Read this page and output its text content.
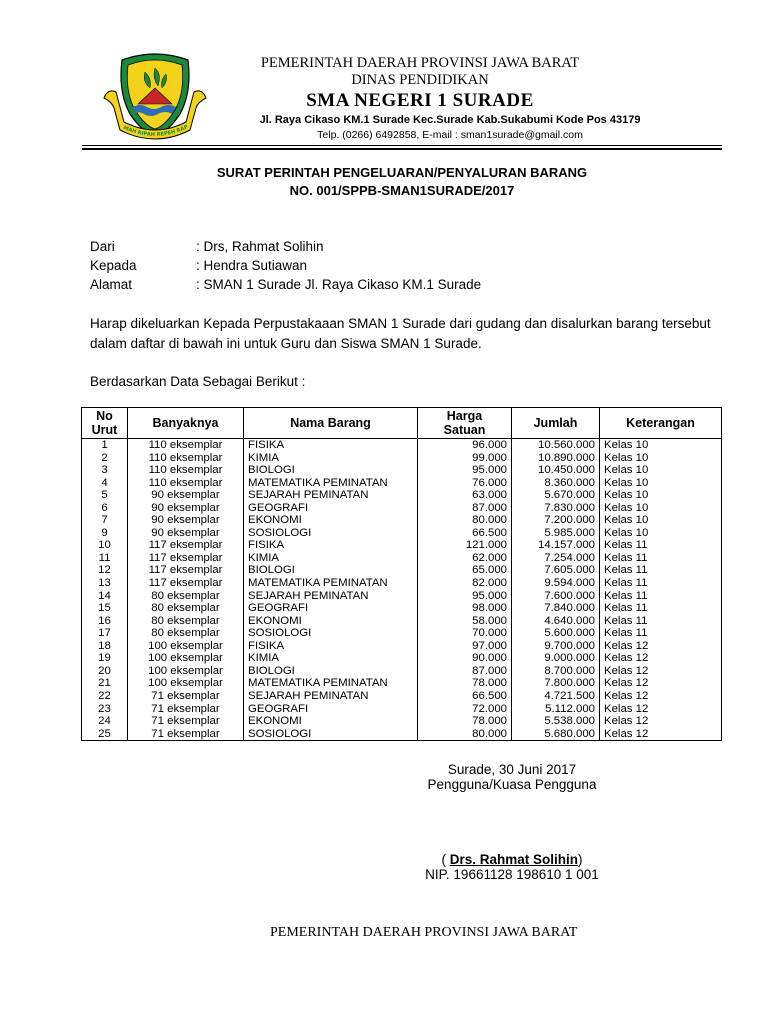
MAH RIPAH REPEH RAP
PEMERINTAH DAERAH PROVINSI JAWA BARAT
DINAS PENDIDIKAN
SMA NEGERI 1 SURADE
Jl. Raya Cikaso KM.1 Surade Kec.Surade Kab.Sukabumi Kode Pos 43179
Telp. (0266) 6492858, E-mail : sman1surade@gmail.com
SURAT PERINTAH PENGELUARAN/PENYALURAN BARANG
NO. 001/SPPB-SMAN1SURADE/2017
Dari	: Drs, Rahmat Solihin
Kepada	: Hendra Sutiawan
Alamat	: SMAN 1 Surade Jl. Raya Cikaso KM.1 Surade
Harap dikeluarkan Kepada Perpustakaaan SMAN 1 Surade dari gudang dan disalurkan barang tersebut dalam daftar di bawah ini untuk Guru dan Siswa SMAN 1 Surade.
Berdasarkan Data Sebagai Berikut :
No Urut	Banyaknya	Nama Barang	Harga Satuan	Jumlah	Keterangan
1	110 eksemplar	FISIKA	96.000	10.560.000	Kelas 10
2	110 eksemplar	KIMIA	99.000	10.890.000	Kelas 10
3	110 eksemplar	BIOLOGI	95.000	10.450.000	Kelas 10
4	110 eksemplar	MATEMATIKA PEMINATAN	76.000	8.360.000	Kelas 10
5	90 eksemplar	SEJARAH PEMINATAN	63.000	5.670.000	Kelas 10
6	90 eksemplar	GEOGRAFI	87.000	7.830.000	Kelas 10
7	90 eksemplar	EKONOMI	80.000	7.200.000	Kelas 10
9	90 eksemplar	SOSIOLOGI	66.500	5.985.000	Kelas 10
10	117 eksemplar	FISIKA	121.000	14.157.000	Kelas 11
11	117 eksemplar	KIMIA	62.000	7.254.000	Kelas 11
12	117 eksemplar	BIOLOGI	65.000	7.605.000	Kelas 11
13	117 eksemplar	MATEMATIKA PEMINATAN	82.000	9.594.000	Kelas 11
14	80 eksemplar	SEJARAH PEMINATAN	95.000	7.600.000	Kelas 11
15	80 eksemplar	GEOGRAFI	98.000	7.840.000	Kelas 11
16	80 eksemplar	EKONOMI	58.000	4.640.000	Kelas 11
17	80 eksemplar	SOSIOLOGI	70.000	5.600.000	Kelas 11
18	100 eksemplar	FISIKA	97.000	9.700.000	Kelas 12
19	100 eksemplar	KIMIA	90.000	9.000.000	Kelas 12
20	100 eksemplar	BIOLOGI	87.000	8.700.000	Kelas 12
21	100 eksemplar	MATEMATIKA PEMINATAN	78.000	7.800.000	Kelas 12
22	71 eksemplar	SEJARAH PEMINATAN	66.500	4.721.500	Kelas 12
23	71 eksemplar	GEOGRAFI	72.000	5.112.000	Kelas 12
24	71 eksemplar	EKONOMI	78.000	5.538.000	Kelas 12
25	71 eksemplar	SOSIOLOGI	80.000	5.680.000	Kelas 12
Surade, 30 Juni 2017
Pengguna/Kuasa Pengguna
( Drs. Rahmat Solihin)
NIP. 19661128 198610 1 001
PEMERINTAH DAERAH PROVINSI JAWA BARAT
